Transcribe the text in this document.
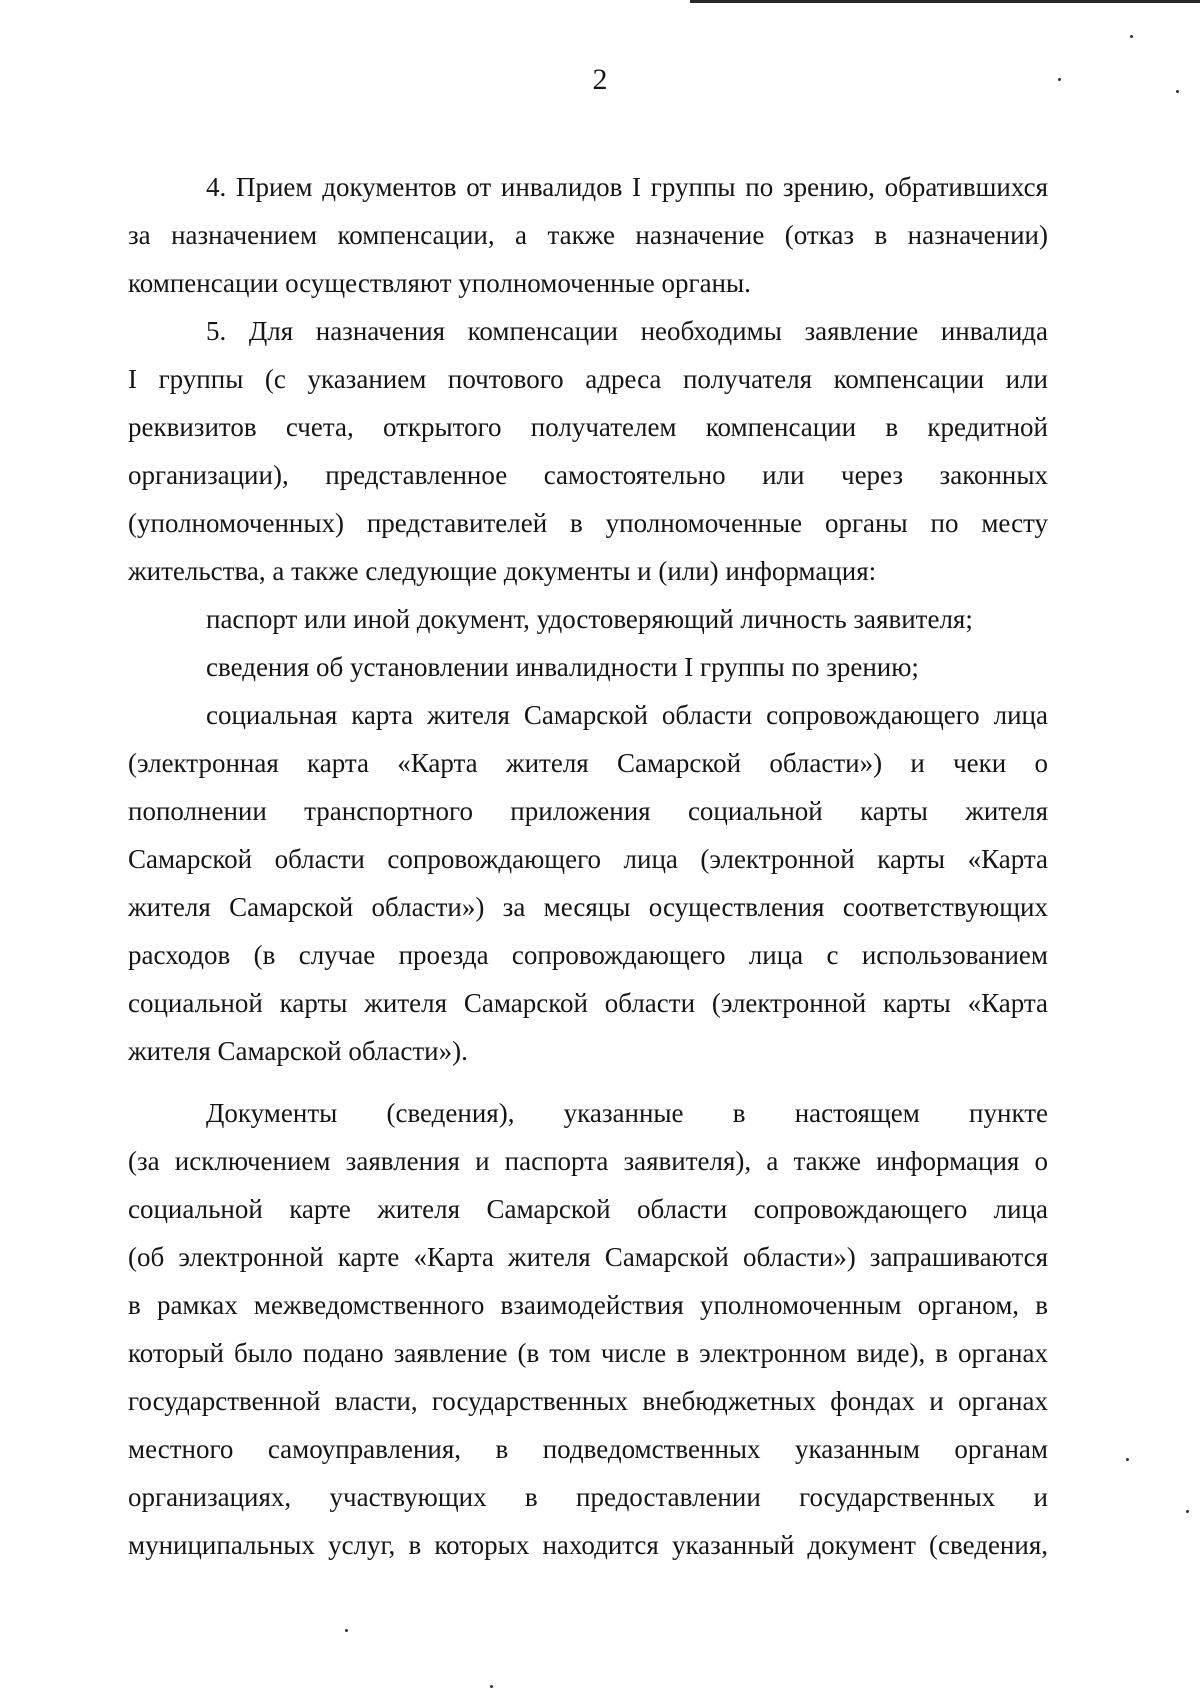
2
4. Прием документов от инвалидов I группы по зрению, обратившихся
за назначением компенсации, а также назначение (отказ в назначении)
компенсации осуществляют уполномоченные органы.
5. Для назначения компенсации необходимы заявление инвалида
I группы (с указанием почтового адреса получателя компенсации или
реквизитов счета, открытого получателем компенсации в кредитной
организации), представленное самостоятельно или через законных
(уполномоченных) представителей в уполномоченные органы по месту
жительства, а также следующие документы и (или) информация:
паспорт или иной документ, удостоверяющий личность заявителя;
сведения об установлении инвалидности I группы по зрению;
социальная карта жителя Самарской области сопровождающего лица
(электронная карта «Карта жителя Самарской области») и чеки о
пополнении транспортного приложения социальной карты жителя
Самарской области сопровождающего лица (электронной карты «Карта
жителя Самарской области») за месяцы осуществления соответствующих
расходов (в случае проезда сопровождающего лица с использованием
социальной карты жителя Самарской области (электронной карты «Карта
жителя Самарской области»).
Документы (сведения), указанные в настоящем пункте
(за исключением заявления и паспорта заявителя), а также информация о
социальной карте жителя Самарской области сопровождающего лица
(об электронной карте «Карта жителя Самарской области») запрашиваются
в рамках межведомственного взаимодействия уполномоченным органом, в
который было подано заявление (в том числе в электронном виде), в органах
государственной власти, государственных внебюджетных фондах и органах
местного самоуправления, в подведомственных указанным органам
организациях, участвующих в предоставлении государственных и
муниципальных услуг, в которых находится указанный документ (сведения,
